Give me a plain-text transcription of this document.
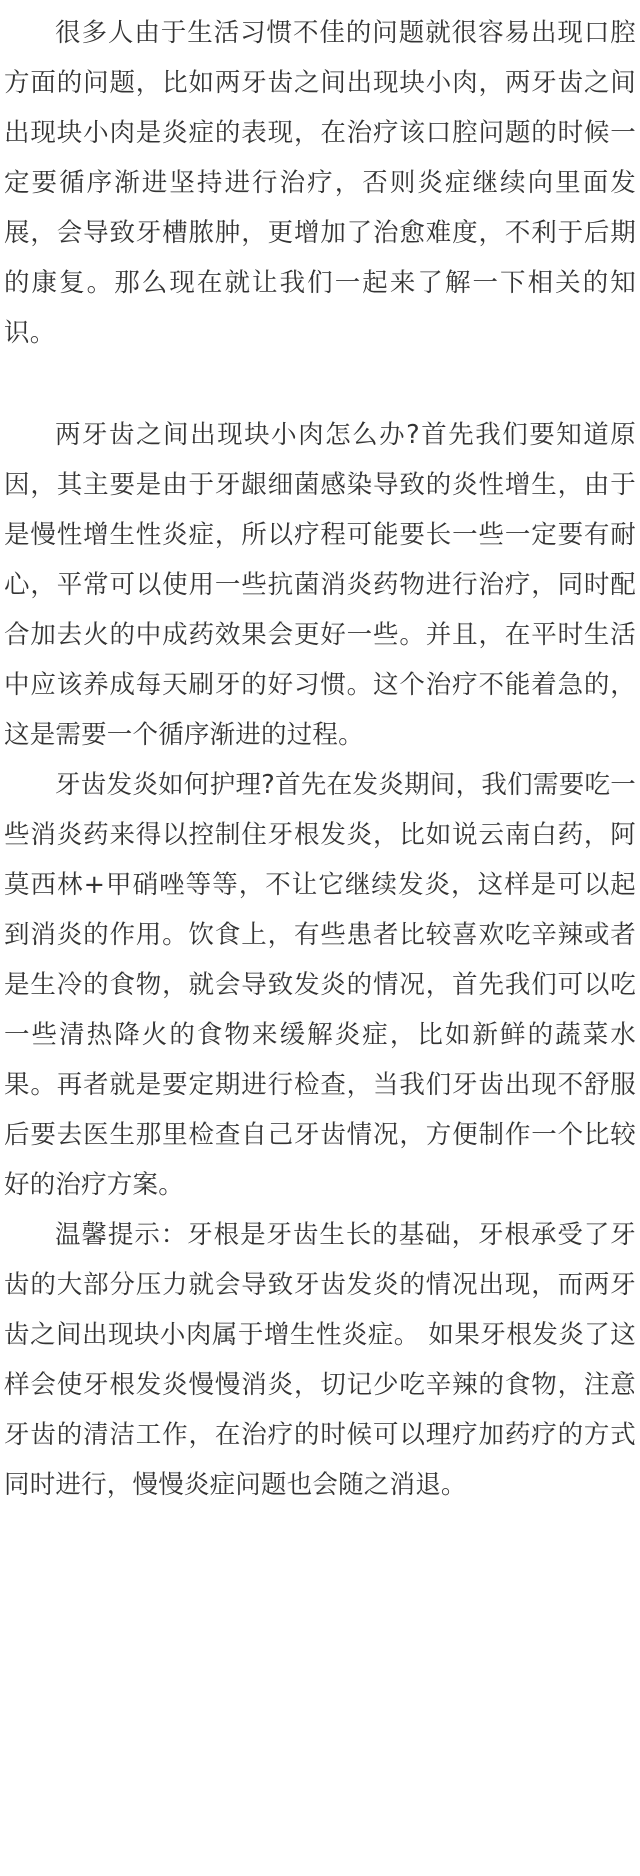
很多人由于生活习惯不佳的问题就很容易出现口腔方面的问题，比如两牙齿之间出现块小肉，两牙齿之间出现块小肉是炎症的表现，在治疗该口腔问题的时候一定要循序渐进坚持进行治疗，否则炎症继续向里面发展，会导致牙槽脓肿，更增加了治愈难度，不利于后期的康复。那么现在就让我们一起来了解一下相关的知识。

两牙齿之间出现块小肉怎么办?首先我们要知道原因，其主要是由于牙龈细菌感染导致的炎性增生，由于是慢性增生性炎症，所以疗程可能要长一些一定要有耐心，平常可以使用一些抗菌消炎药物进行治疗，同时配合加去火的中成药效果会更好一些。并且，在平时生活中应该养成每天刷牙的好习惯。这个治疗不能着急的，这是需要一个循序渐进的过程。

牙齿发炎如何护理?首先在发炎期间，我们需要吃一些消炎药来得以控制住牙根发炎，比如说云南白药，阿莫西林+甲硝唑等等，不让它继续发炎，这样是可以起到消炎的作用。饮食上，有些患者比较喜欢吃辛辣或者是生冷的食物，就会导致发炎的情况，首先我们可以吃一些清热降火的食物来缓解炎症，比如新鲜的蔬菜水果。再者就是要定期进行检查，当我们牙齿出现不舒服后要去医生那里检查自己牙齿情况，方便制作一个比较好的治疗方案。

温馨提示：牙根是牙齿生长的基础，牙根承受了牙齿的大部分压力就会导致牙齿发炎的情况出现，而两牙齿之间出现块小肉属于增生性炎症。 如果牙根发炎了这样会使牙根发炎慢慢消炎，切记少吃辛辣的食物，注意牙齿的清洁工作，在治疗的时候可以理疗加药疗的方式同时进行，慢慢炎症问题也会随之消退。
